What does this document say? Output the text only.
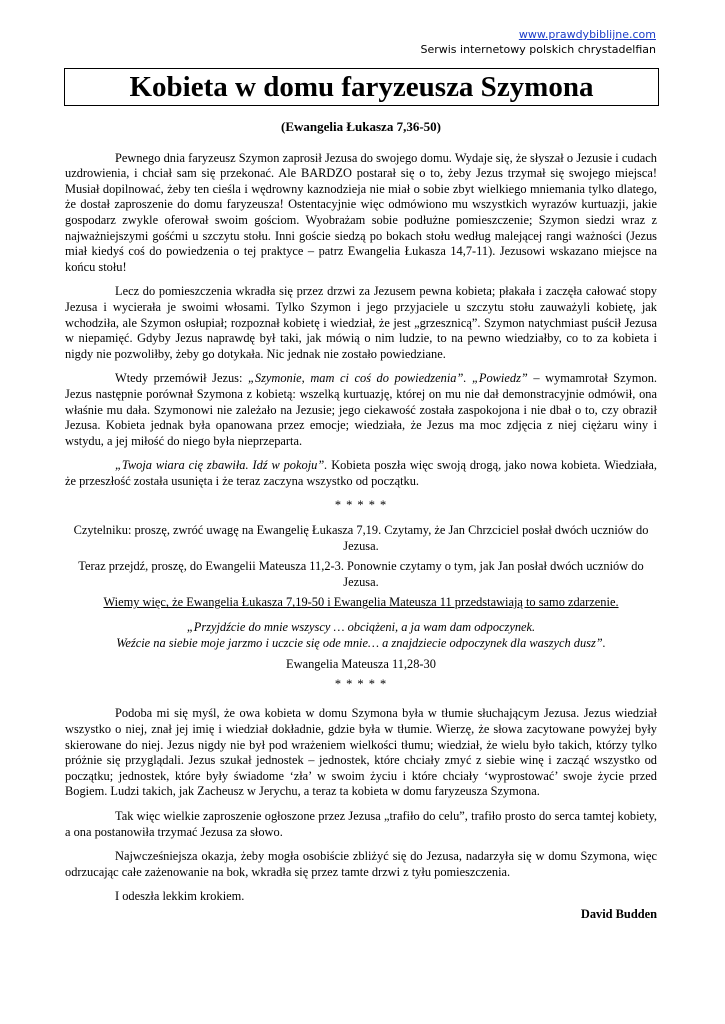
www.prawdybiblijne.com
Serwis internetowy polskich chrystadelfian
Kobieta w domu faryzeusza Szymona

(Ewangelia Łukasza 7,36-50)

Pewnego dnia faryzeusz Szymon zaprosił Jezusa do swojego domu. Wydaje się, że słyszał o Jezusie i cudach uzdrowienia, i chciał sam się przekonać. Ale BARDZO postarał się o to, żeby Jezus trzymał się swojego miejsca! Musiał dopilnować, żeby ten cieśla i wędrowny kaznodzieja nie miał o sobie zbyt wielkiego mniemania tylko dlatego, że dostał zaproszenie do domu faryzeusza! Ostentacyjnie więc odmówiono mu wszystkich wyrazów kurtuazji, jakie gospodarz zwykle oferował swoim gościom. Wyobrażam sobie podłużne pomieszczenie; Szymon siedzi wraz z najważniejszymi gośćmi u szczytu stołu. Inni goście siedzą po bokach stołu według malejącej rangi ważności (Jezus miał kiedyś coś do powiedzenia o tej praktyce – patrz Ewangelia Łukasza 14,7-11). Jezusowi wskazano miejsce na końcu stołu!

Lecz do pomieszczenia wkradła się przez drzwi za Jezusem pewna kobieta; płakała i zaczęła całować stopy Jezusa i wycierała je swoimi włosami. Tylko Szymon i jego przyjaciele u szczytu stołu zauważyli kobietę, jak wchodziła, ale Szymon osłupiał; rozpoznał kobietę i wiedział, że jest „grzesznicą”. Szymon natychmiast puścił Jezusa w niepamięć. Gdyby Jezus naprawdę był taki, jak mówią o nim ludzie, to na pewno wiedziałby, co to za kobieta i nigdy nie pozwoliłby, żeby go dotykała. Nic jednak nie zostało powiedziane.

Wtedy przemówił Jezus: „Szymonie, mam ci coś do powiedzenia”. „Powiedz” – wymamrotał Szymon. Jezus następnie porównał Szymona z kobietą: wszelką kurtuazję, której on mu nie dał demonstracyjnie odmówił, ona właśnie mu dała. Szymonowi nie zależało na Jezusie; jego ciekawość została zaspokojona i nie dbał o to, czy obraził Jezusa. Kobieta jednak była opanowana przez emocje; wiedziała, że Jezus ma moc zdjęcia z niej ciężaru winy i wstydu, a jej miłość do niego była nieprzeparta.

„Twoja wiara cię zbawiła. Idź w pokoju”. Kobieta poszła więc swoją drogą, jako nowa kobieta. Wiedziała, że przeszłość została usunięta i że teraz zaczyna wszystko od początku.

* * * * *

Czytelniku: proszę, zwróć uwagę na Ewangelię Łukasza 7,19. Czytamy, że Jan Chrzciciel posłał dwóch uczniów do Jezusa.

Teraz przejdź, proszę, do Ewangelii Mateusza 11,2-3. Ponownie czytamy o tym, jak Jan posłał dwóch uczniów do Jezusa.

Wiemy więc, że Ewangelia Łukasza 7,19-50 i Ewangelia Mateusza 11 przedstawiają to samo zdarzenie.

„Przyjdźcie do mnie wszyscy … obciążeni, a ja wam dam odpoczynek.
Weźcie na siebie moje jarzmo i uczcie się ode mnie… a znajdziecie odpoczynek dla waszych dusz”.

Ewangelia Mateusza 11,28-30

* * * * *

Podoba mi się myśl, że owa kobieta w domu Szymona była w tłumie słuchającym Jezusa. Jezus wiedział wszystko o niej, znał jej imię i wiedział dokładnie, gdzie była w tłumie. Wierzę, że słowa zacytowane powyżej były skierowane do niej. Jezus nigdy nie był pod wrażeniem wielkości tłumu; wiedział, że wielu było takich, którzy tylko próżnie się przyglądali. Jezus szukał jednostek – jednostek, które chciały zmyć z siebie winę i zacząć wszystko od początku; jednostek, które były świadome ‘zła’ w swoim życiu i które chciały ‘wyprostować’ swoje życie przed Bogiem. Ludzi takich, jak Zacheusz w Jerychu, a teraz ta kobieta w domu faryzeusza Szymona.

Tak więc wielkie zaproszenie ogłoszone przez Jezusa „trafiło do celu”, trafiło prosto do serca tamtej kobiety, a ona postanowiła trzymać Jezusa za słowo.

Najwcześniejsza okazja, żeby mogła osobiście zbliżyć się do Jezusa, nadarzyła się w domu Szymona, więc odrzucając całe zażenowanie na bok, wkradła się przez tamte drzwi z tyłu pomieszczenia.

I odeszła lekkim krokiem.

David Budden
